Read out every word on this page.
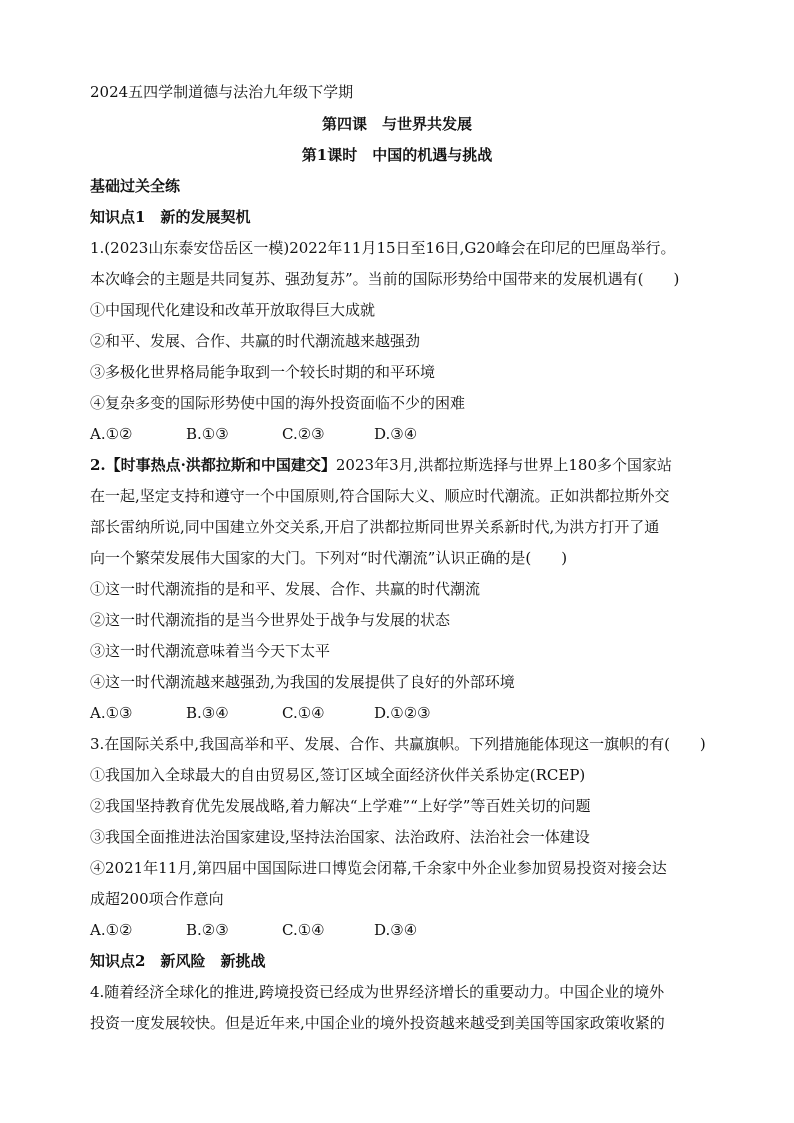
2024五四学制道德与法治九年级下学期
第四课　与世界共发展
第1课时　中国的机遇与挑战
基础过关全练
知识点1　新的发展契机
1.(2023山东泰安岱岳区一模)2022年11月15日至16日,G20峰会在印尼的巴厘岛举行。
本次峰会的主题是共同复苏、强劲复苏”。当前的国际形势给中国带来的发展机遇有(　　)
①中国现代化建设和改革开放取得巨大成就
②和平、发展、合作、共赢的时代潮流越来越强劲
③多极化世界格局能争取到一个较长时期的和平环境
④复杂多变的国际形势使中国的海外投资面临不少的困难
A.①②	B.①③	C.②③	D.③④
2.【时事热点·洪都拉斯和中国建交】2023年3月,洪都拉斯选择与世界上180多个国家站
在一起,坚定支持和遵守一个中国原则,符合国际大义、顺应时代潮流。正如洪都拉斯外交
部长雷纳所说,同中国建立外交关系,开启了洪都拉斯同世界关系新时代,为洪方打开了通
向一个繁荣发展伟大国家的大门。下列对“时代潮流”认识正确的是(　　)
①这一时代潮流指的是和平、发展、合作、共赢的时代潮流
②这一时代潮流指的是当今世界处于战争与发展的状态
③这一时代潮流意味着当今天下太平
④这一时代潮流越来越强劲,为我国的发展提供了良好的外部环境
A.①③	B.③④	C.①④	D.①②③
3.在国际关系中,我国高举和平、发展、合作、共赢旗帜。下列措施能体现这一旗帜的有(　　)
①我国加入全球最大的自由贸易区,签订区域全面经济伙伴关系协定(RCEP)
②我国坚持教育优先发展战略,着力解决“上学难”“上好学”等百姓关切的问题
③我国全面推进法治国家建设,坚持法治国家、法治政府、法治社会一体建设
④2021年11月,第四届中国国际进口博览会闭幕,千余家中外企业参加贸易投资对接会达
成超200项合作意向
A.①②	B.②③	C.①④	D.③④
知识点2　新风险　新挑战
4.随着经济全球化的推进,跨境投资已经成为世界经济增长的重要动力。中国企业的境外
投资一度发展较快。但是近年来,中国企业的境外投资越来越受到美国等国家政策收紧的
